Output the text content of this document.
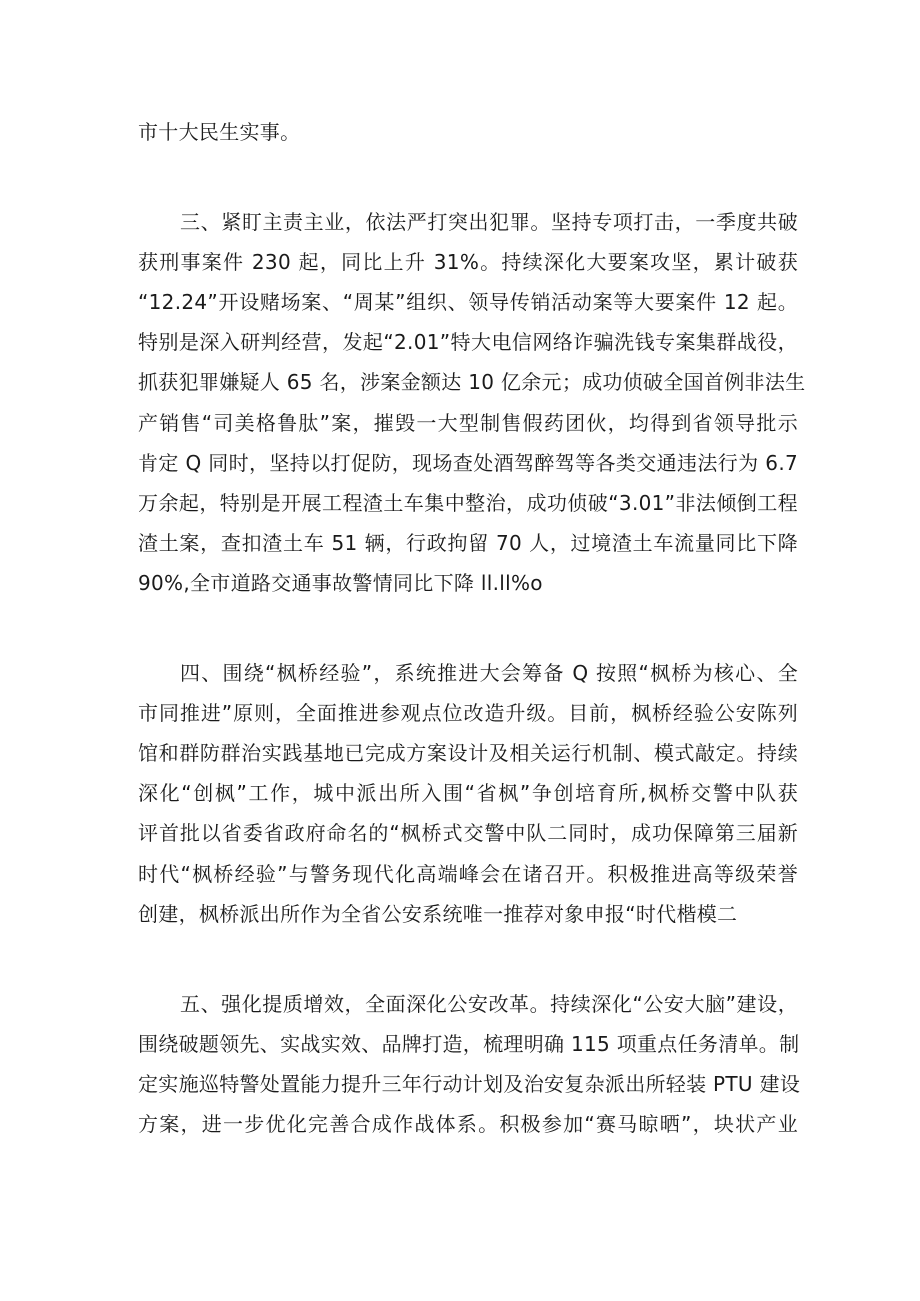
市十大民生实事。
三、紧盯主责主业，依法严打突出犯罪。坚持专项打击，一季度共破
获刑事案件 230 起，同比上升 31%。持续深化大要案攻坚，累计破获
“12.24”开设赌场案、“周某”组织、领导传销活动案等大要案件 12 起。
特别是深入研判经营，发起“2.01”特大电信网络诈骗洗钱专案集群战役，
抓获犯罪嫌疑人 65 名，涉案金额达 10 亿余元；成功侦破全国首例非法生
产销售“司美格鲁肽”案，摧毁一大型制售假药团伙，均得到省领导批示
肯定 Q 同时，坚持以打促防，现场查处酒驾醉驾等各类交通违法行为 6.7
万余起，特别是开展工程渣土车集中整治，成功侦破“3.01”非法倾倒工程
渣土案，查扣渣土车 51 辆，行政拘留 70 人，过境渣土车流量同比下降
90%,全市道路交通事故警情同比下降 ll.ll%o
四、围绕“枫桥经验”，系统推进大会筹备 Q 按照“枫桥为核心、全
市同推进”原则，全面推进参观点位改造升级。目前，枫桥经验公安陈列
馆和群防群治实践基地已完成方案设计及相关运行机制、模式敲定。持续
深化“创枫”工作，城中派出所入围“省枫”争创培育所,枫桥交警中队获
评首批以省委省政府命名的“枫桥式交警中队二同时，成功保障第三届新
时代“枫桥经验”与警务现代化高端峰会在诸召开。积极推进高等级荣誉
创建，枫桥派出所作为全省公安系统唯一推荐对象申报“时代楷模二
五、强化提质增效，全面深化公安改革。持续深化“公安大脑”建设，
围绕破题领先、实战实效、品牌打造，梳理明确 115 项重点任务清单。制
定实施巡特警处置能力提升三年行动计划及治安复杂派出所轻装 PTU 建设
方案，进一步优化完善合成作战体系。积极参加“赛马晾晒”，块状产业
